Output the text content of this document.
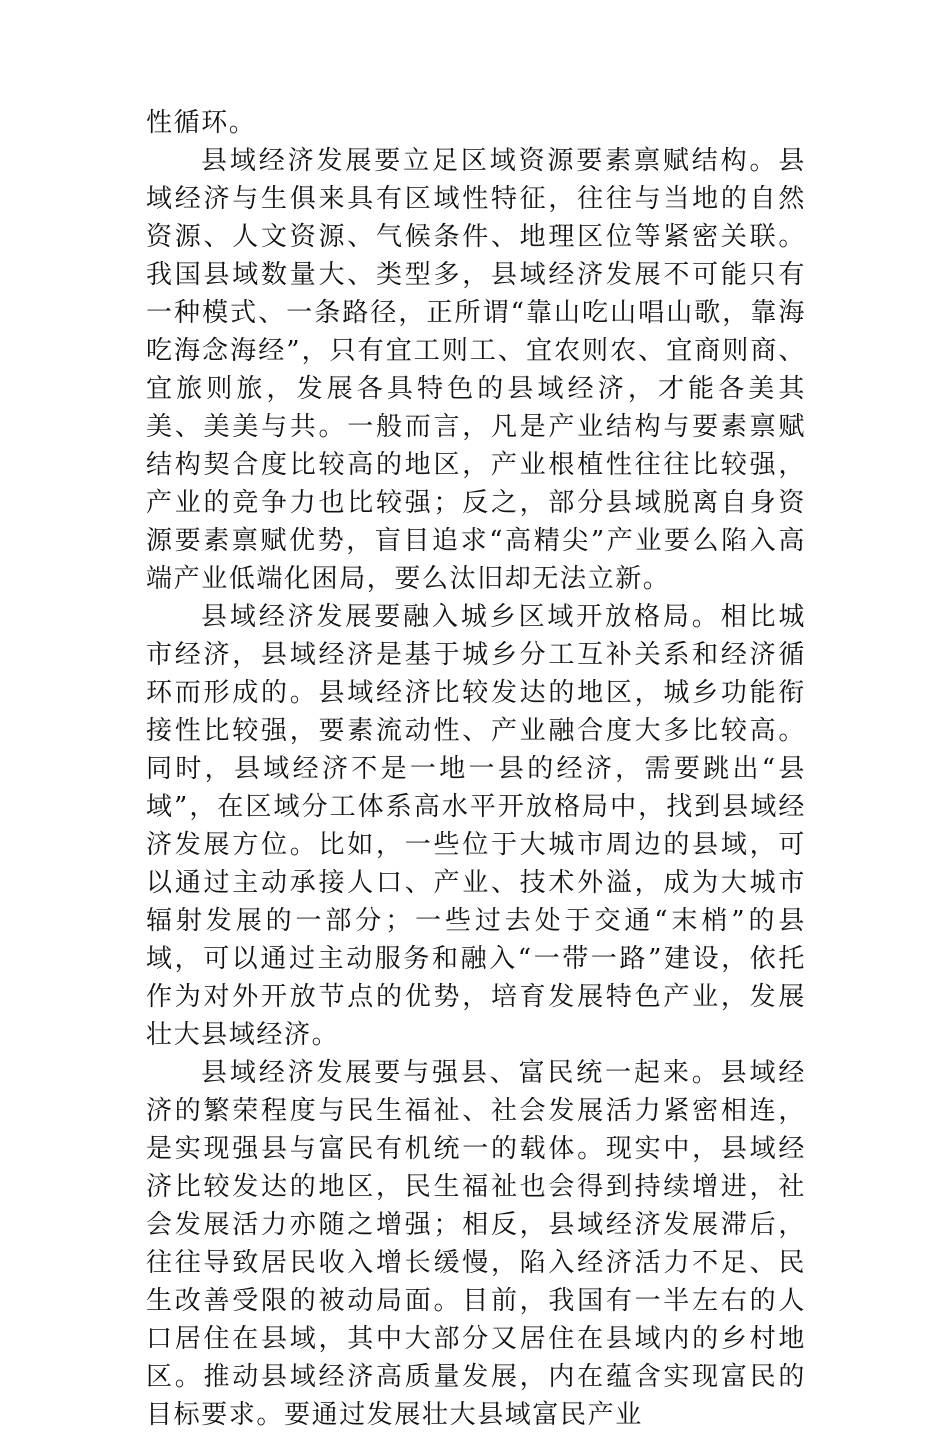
性循环。

县域经济发展要立足区域资源要素禀赋结构。县域经济与生俱来具有区域性特征，往往与当地的自然资源、人文资源、气候条件、地理区位等紧密关联。我国县域数量大、类型多，县域经济发展不可能只有一种模式、一条路径，正所谓“靠山吃山唱山歌，靠海吃海念海经”，只有宜工则工、宜农则农、宜商则商、宜旅则旅，发展各具特色的县域经济，才能各美其美、美美与共。一般而言，凡是产业结构与要素禀赋结构契合度比较高的地区，产业根植性往往比较强，产业的竞争力也比较强；反之，部分县域脱离自身资源要素禀赋优势，盲目追求“高精尖”产业要么陷入高端产业低端化困局，要么汰旧却无法立新。

县域经济发展要融入城乡区域开放格局。相比城市经济，县域经济是基于城乡分工互补关系和经济循环而形成的。县域经济比较发达的地区，城乡功能衔接性比较强，要素流动性、产业融合度大多比较高。同时，县域经济不是一地一县的经济，需要跳出“县域”，在区域分工体系高水平开放格局中，找到县域经济发展方位。比如，一些位于大城市周边的县域，可以通过主动承接人口、产业、技术外溢，成为大城市辐射发展的一部分；一些过去处于交通“末梢”的县域，可以通过主动服务和融入“一带一路”建设，依托作为对外开放节点的优势，培育发展特色产业，发展壮大县域经济。

县域经济发展要与强县、富民统一起来。县域经济的繁荣程度与民生福祉、社会发展活力紧密相连，是实现强县与富民有机统一的载体。现实中，县域经济比较发达的地区，民生福祉也会得到持续增进，社会发展活力亦随之增强；相反，县域经济发展滞后，往往导致居民收入增长缓慢，陷入经济活力不足、民生改善受限的被动局面。目前，我国有一半左右的人口居住在县域，其中大部分又居住在县域内的乡村地区。推动县域经济高质量发展，内在蕴含实现富民的目标要求。要通过发展壮大县域富民产业
